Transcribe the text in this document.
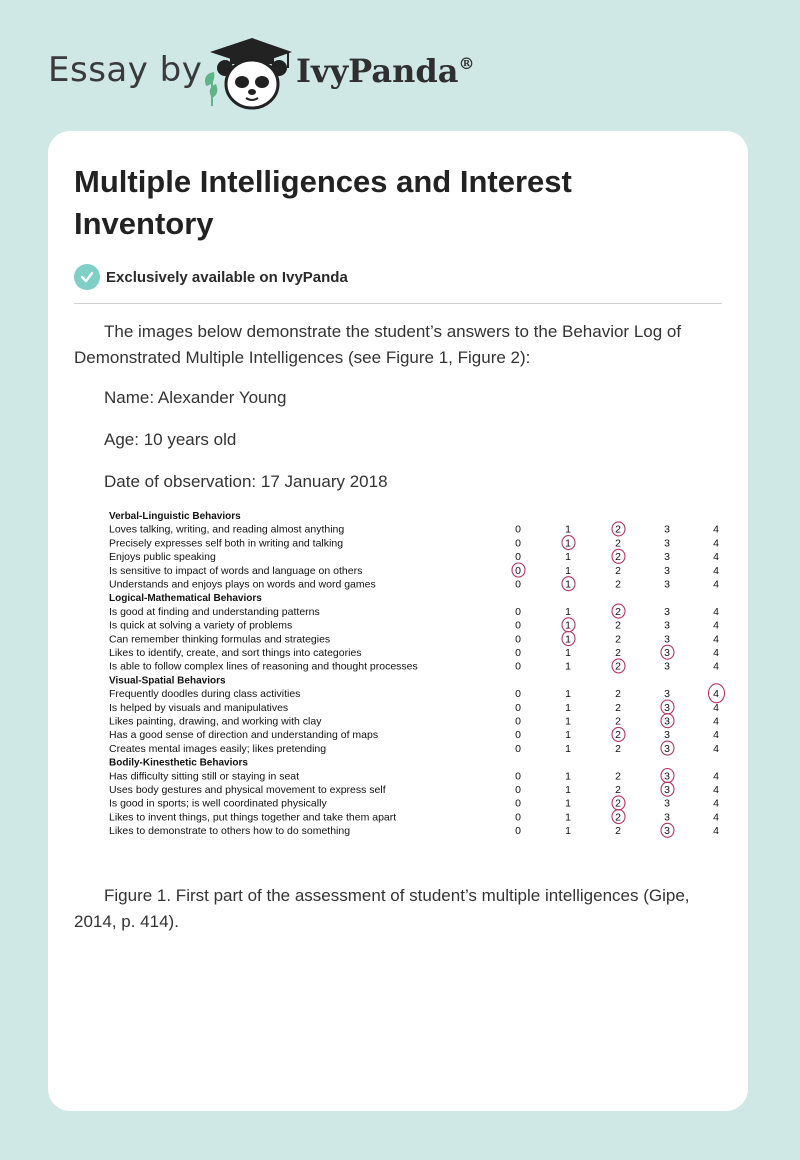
Essay by	IvyPanda®
Multiple Intelligences and Interest Inventory
Exclusively available on IvyPanda

The images below demonstrate the student’s answers to the Behavior Log of Demonstrated Multiple Intelligences (see Figure 1, Figure 2):

Name: Alexander Young

Age: 10 years old

Date of observation: 17 January 2018

Verbal-Linguistic Behaviors
Loves talking, writing, and reading almost anything	0	1	2	3	4
Precisely expresses self both in writing and talking	0	1	2	3	4
Enjoys public speaking	0	1	2	3	4
Is sensitive to impact of words and language on others	0	1	2	3	4
Understands and enjoys plays on words and word games	0	1	2	3	4
Logical-Mathematical Behaviors
Is good at finding and understanding patterns	0	1	2	3	4
Is quick at solving a variety of problems	0	1	2	3	4
Can remember thinking formulas and strategies	0	1	2	3	4
Likes to identify, create, and sort things into categories	0	1	2	3	4
Is able to follow complex lines of reasoning and thought processes	0	1	2	3	4
Visual-Spatial Behaviors
Frequently doodles during class activities	0	1	2	3	4
Is helped by visuals and manipulatives	0	1	2	3	4
Likes painting, drawing, and working with clay	0	1	2	3	4
Has a good sense of direction and understanding of maps	0	1	2	3	4
Creates mental images easily; likes pretending	0	1	2	3	4
Bodily-Kinesthetic Behaviors
Has difficulty sitting still or staying in seat	0	1	2	3	4
Uses body gestures and physical movement to express self	0	1	2	3	4
Is good in sports; is well coordinated physically	0	1	2	3	4
Likes to invent things, put things together and take them apart	0	1	2	3	4
Likes to demonstrate to others how to do something	0	1	2	3	4

Figure 1. First part of the assessment of student’s multiple intelligences (Gipe, 2014, p. 414).
